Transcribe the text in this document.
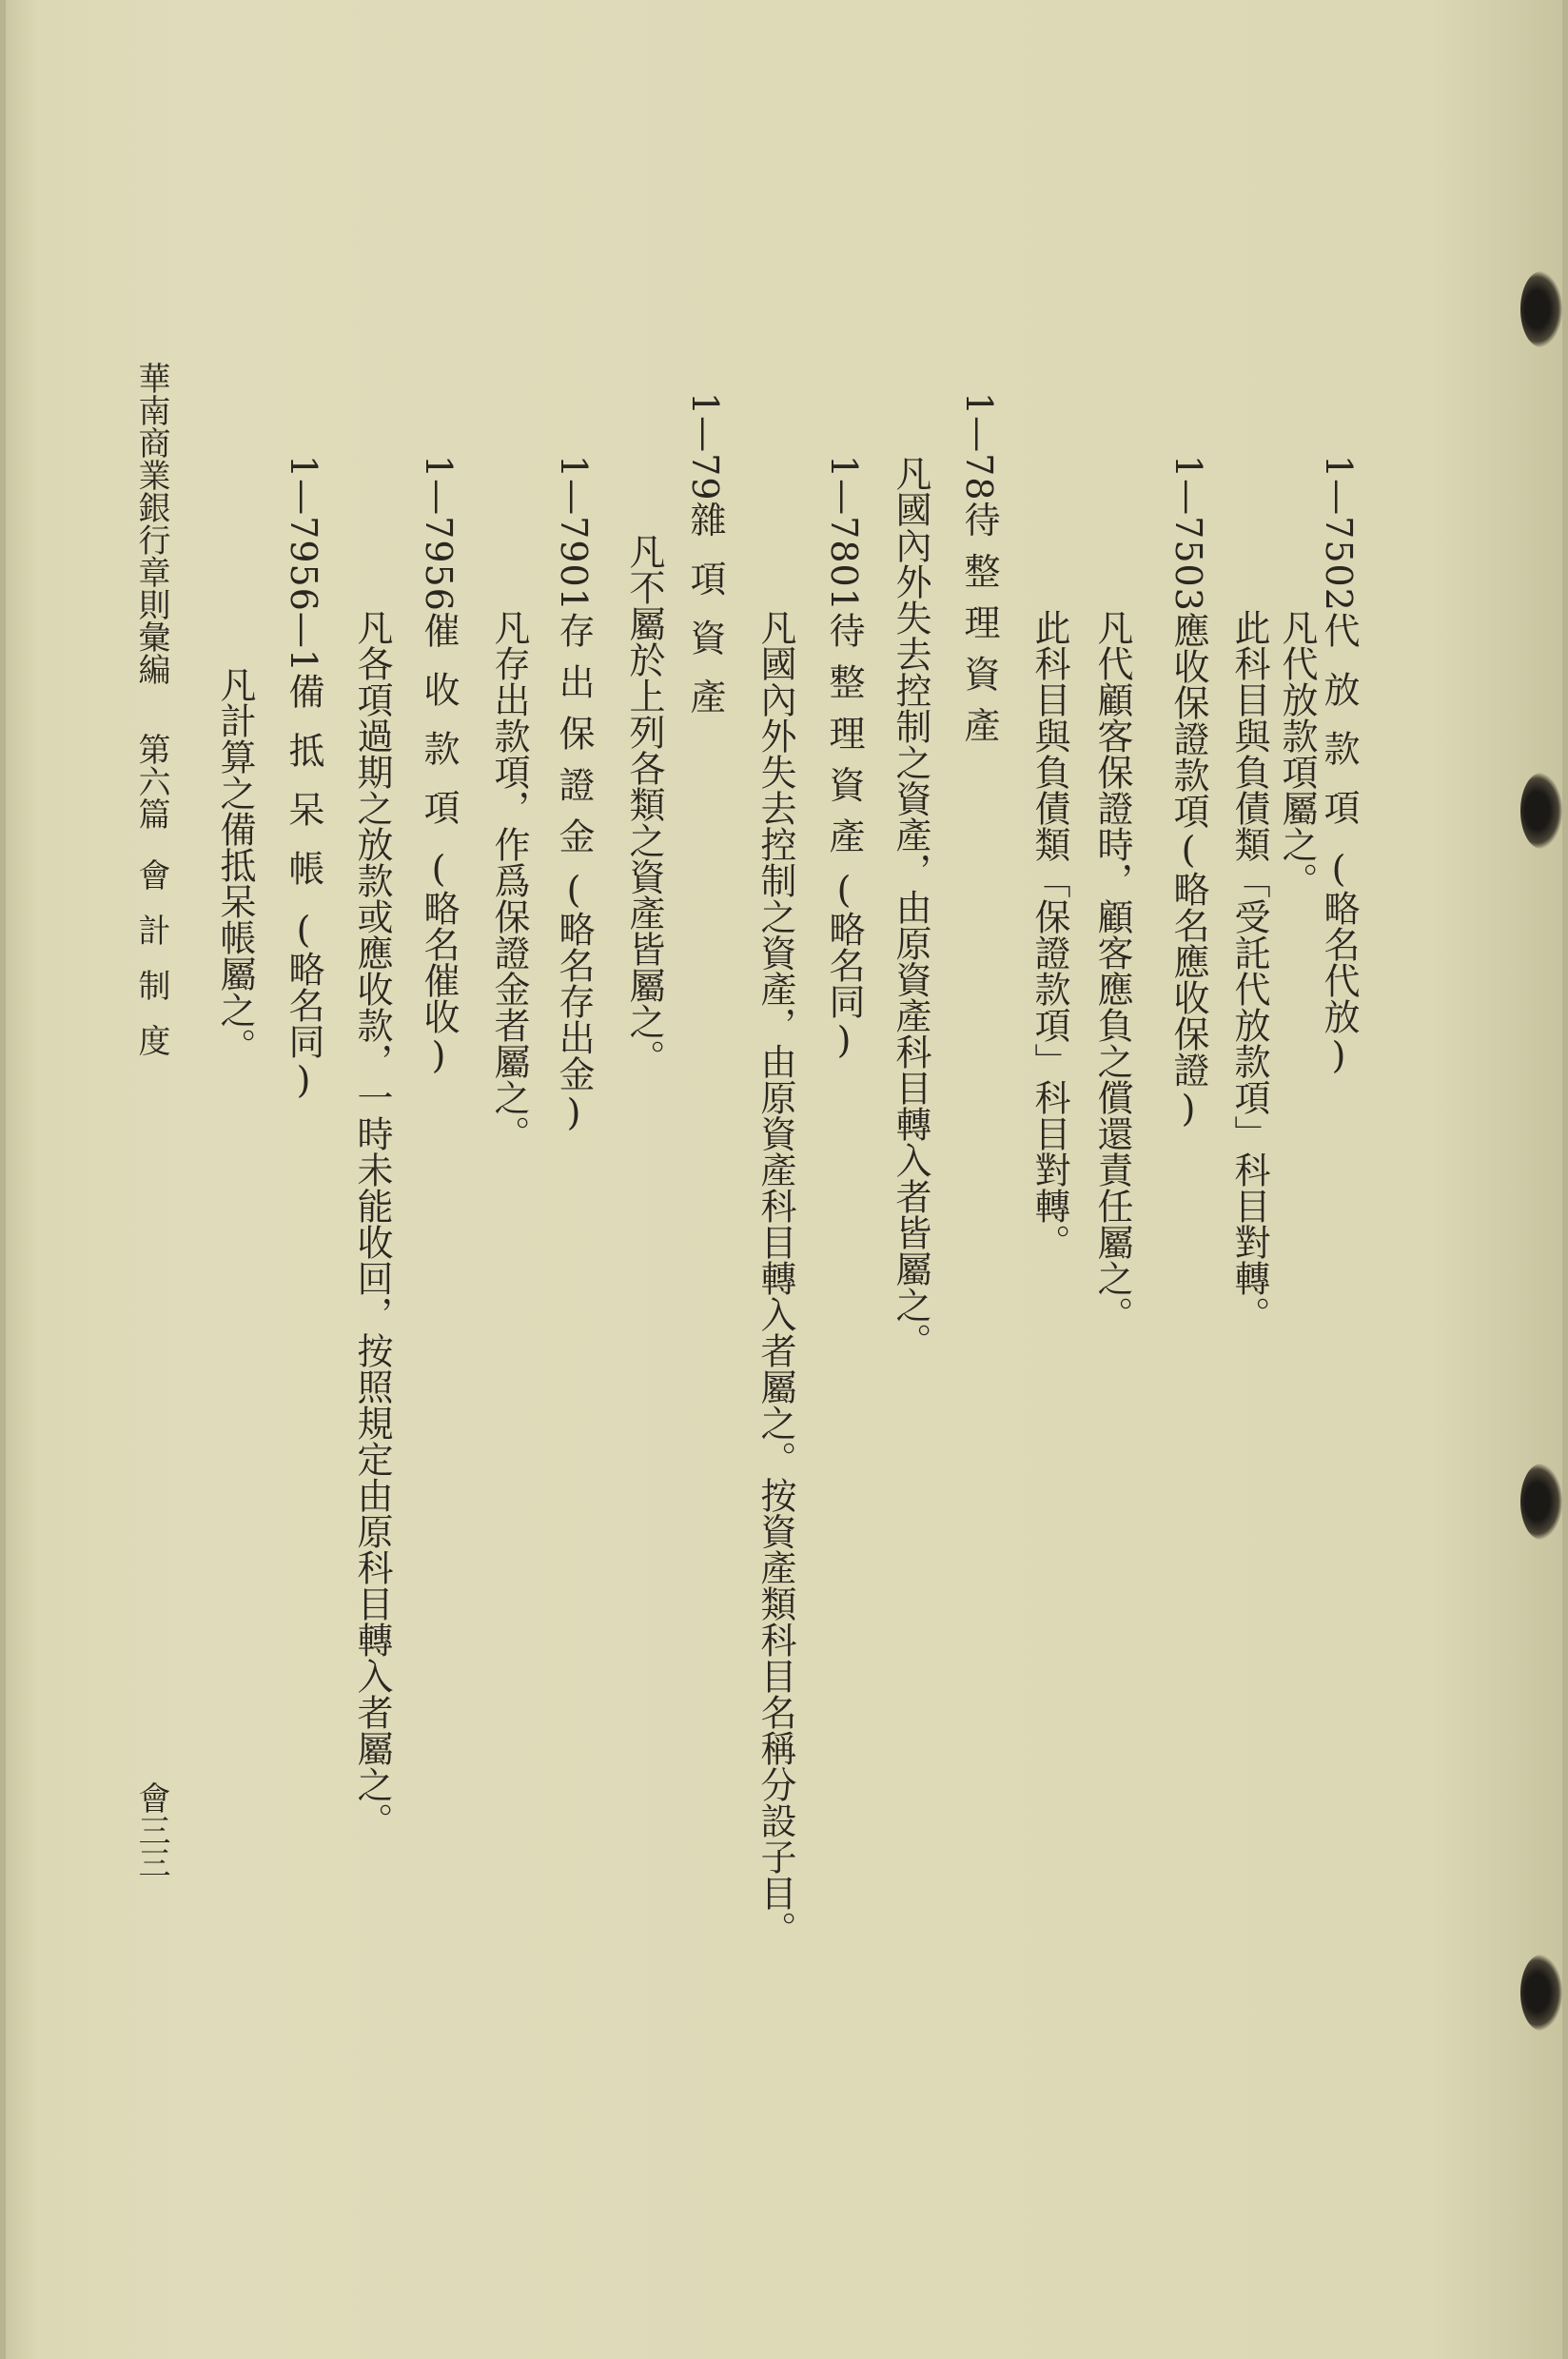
1—7502代放款項(略名代放)
凡代放款項屬之。
此科目與負債類「受託代放款項」科目對轉。
1—7503應收保證款項(略名應收保證)
凡代顧客保證時，顧客應負之償還責任屬之。
此科目與負債類「保證款項」科目對轉。
1—78待整理資產
凡國內外失去控制之資產，由原資產科目轉入者皆屬之。
1—7801待整理資產(略名同)
凡國內外失去控制之資產，由原資產科目轉入者屬之。按資產類科目名稱分設子目。
1—79雜項資產
凡不屬於上列各類之資產皆屬之。
1—7901存出保證金(略名存出金)
凡存出款項，作爲保證金者屬之。
1—7956催收款項(略名催收)
凡各項過期之放款或應收款，一時未能收回，按照規定由原科目轉入者屬之。
1—7956—1備抵呆帳(略名同)
凡計算之備抵呆帳屬之。
華南商業銀行章則彙編第六篇會計制度
會三三
